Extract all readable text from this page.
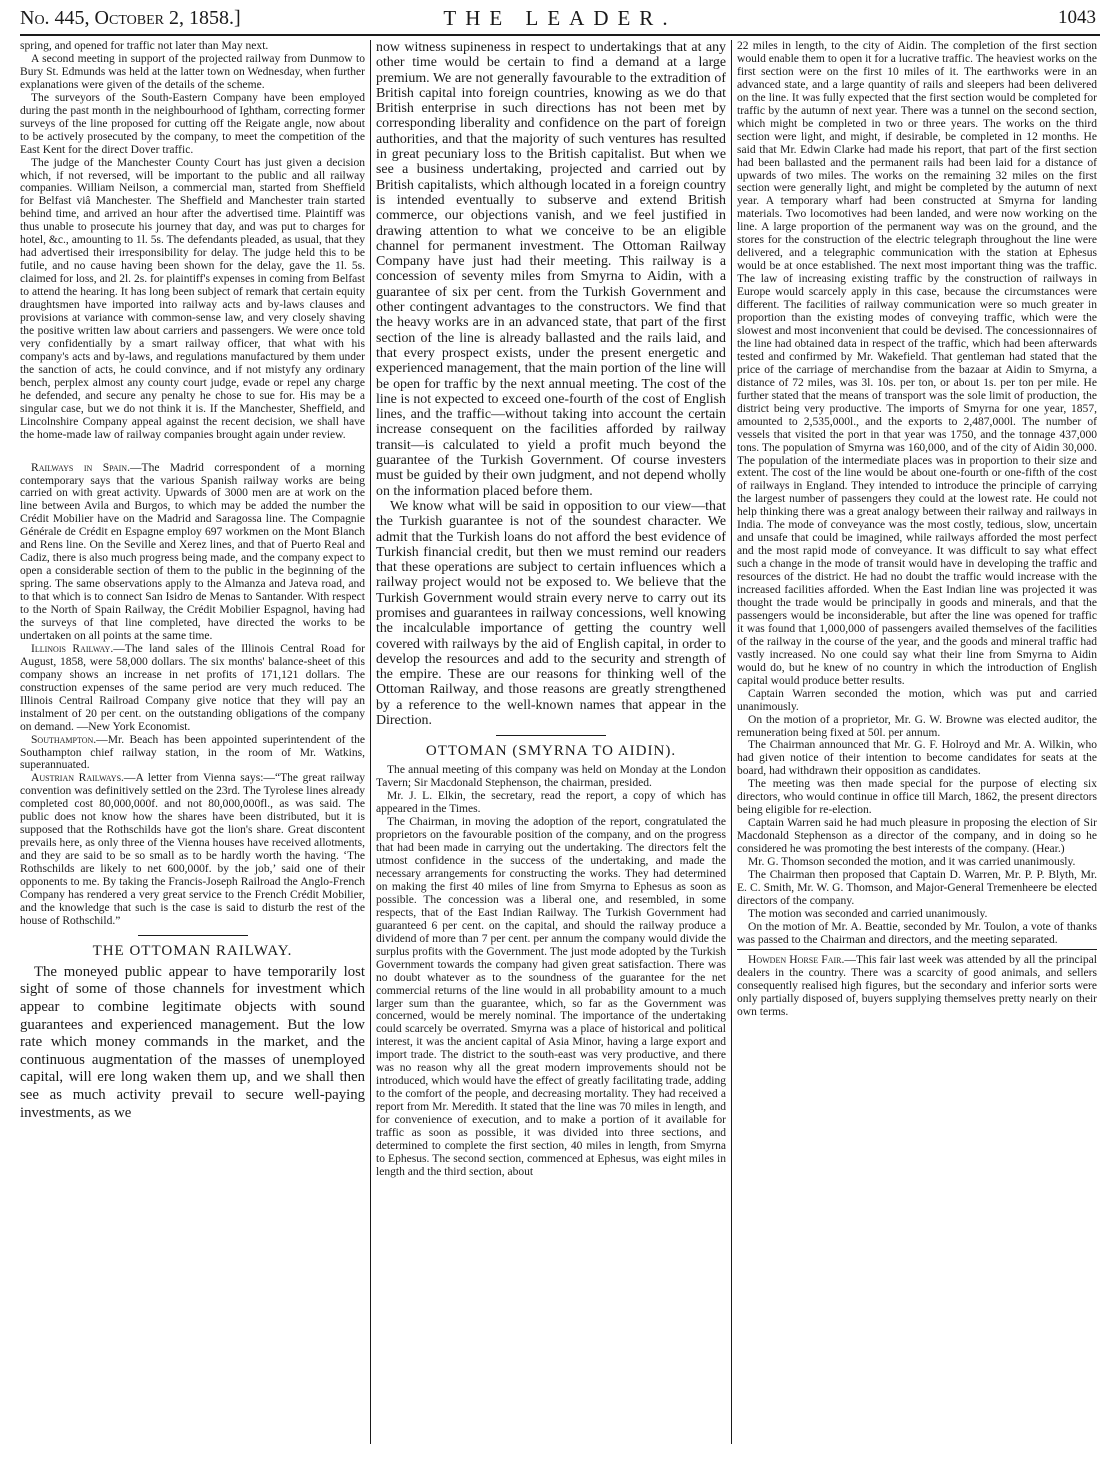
No. 445, October 2, 1858.]	THE LEADER.	1043

spring, and opened for traffic not later than May next.

A second meeting in support of the projected railway from Dunmow to Bury St. Edmunds was held at the latter town on Wednesday, when further explanations were given of the details of the scheme.

The surveyors of the South-Eastern Company have been employed during the past month in the neighbourhood of Ightham, correcting former surveys of the line proposed for cutting off the Reigate angle, now about to be actively prosecuted by the company, to meet the competition of the East Kent for the direct Dover traffic.

The judge of the Manchester County Court has just given a decision which, if not reversed, will be important to the public and all railway companies. William Neilson, a commercial man, started from Sheffield for Belfast viâ Manchester. The Sheffield and Manchester train started behind time, and arrived an hour after the advertised time. Plaintiff was thus unable to prosecute his journey that day, and was put to charges for hotel, &c., amounting to 1l. 5s. The defendants pleaded, as usual, that they had advertised their irresponsibility for delay. The judge held this to be futile, and no cause having been shown for the delay, gave the 1l. 5s. claimed for loss, and 2l. 2s. for plaintiff's expenses in coming from Belfast to attend the hearing. It has long been subject of remark that certain equity draughtsmen have imported into railway acts and by-laws clauses and provisions at variance with common-sense law, and very closely shaving the positive written law about carriers and passengers. We were once told very confidentially by a smart railway officer, that what with his company's acts and by-laws, and regulations manufactured by them under the sanction of acts, he could convince, and if not mistyfy any ordinary bench, perplex almost any county court judge, evade or repel any charge he defended, and secure any penalty he chose to sue for. His may be a singular case, but we do not think it is. If the Manchester, Sheffield, and Lincolnshire Company appeal against the recent decision, we shall have the home-made law of railway companies brought again under review.

Railways in Spain.—The Madrid correspondent of a morning contemporary says that the various Spanish railway works are being carried on with great activity. Upwards of 3000 men are at work on the line between Avila and Burgos, to which may be added the number the Crédit Mobilier have on the Madrid and Saragossa line. The Compagnie Générale de Crédit en Espagne employ 697 workmen on the Mont Blanch and Rens line. On the Seville and Xerez lines, and that of Puerto Real and Cadiz, there is also much progress being made, and the company expect to open a considerable section of them to the public in the beginning of the spring. The same observations apply to the Almanza and Jateva road, and to that which is to connect San Isidro de Menas to Santander. With respect to the North of Spain Railway, the Crédit Mobilier Espagnol, having had the surveys of that line completed, have directed the works to be undertaken on all points at the same time.

Illinois Railway.—The land sales of the Illinois Central Road for August, 1858, were 58,000 dollars. The six months' balance-sheet of this company shows an increase in net profits of 171,121 dollars. The construction expenses of the same period are very much reduced. The Illinois Central Railroad Company give notice that they will pay an instalment of 20 per cent. on the outstanding obligations of the company on demand. —New York Economist.

Southampton.—Mr. Beach has been appointed superintendent of the Southampton chief railway station, in the room of Mr. Watkins, superannuated.

Austrian Railways.—A letter from Vienna says:—“The great railway convention was definitively settled on the 23rd. The Tyrolese lines already completed cost 80,000,000f. and not 80,000,000fl., as was said. The public does not know how the shares have been distributed, but it is supposed that the Rothschilds have got the lion's share. Great discontent prevails here, as only three of the Vienna houses have received allotments, and they are said to be so small as to be hardly worth the having. ‘The Rothschilds are likely to net 600,000f. by the job,’ said one of their opponents to me. By taking the Francis-Joseph Railroad the Anglo-French Company has rendered a very great service to the French Crédit Mobilier, and the knowledge that such is the case is said to disturb the rest of the house of Rothschild.”

THE OTTOMAN RAILWAY.

The moneyed public appear to have temporarily lost sight of some of those channels for investment which appear to combine legitimate objects with sound guarantees and experienced management. But the low rate which money commands in the market, and the continuous augmentation of the masses of unemployed capital, will ere long waken them up, and we shall then see as much activity prevail to secure well-paying investments, as we

now witness supineness in respect to undertakings that at any other time would be certain to find a demand at a large premium. We are not generally favourable to the extradition of British capital into foreign countries, knowing as we do that British enterprise in such directions has not been met by corresponding liberality and confidence on the part of foreign authorities, and that the majority of such ventures has resulted in great pecuniary loss to the British capitalist. But when we see a business undertaking, projected and carried out by British capitalists, which although located in a foreign country is intended eventually to subserve and extend British commerce, our objections vanish, and we feel justified in drawing attention to what we conceive to be an eligible channel for permanent investment. The Ottoman Railway Company have just had their meeting. This railway is a concession of seventy miles from Smyrna to Aidin, with a guarantee of six per cent. from the Turkish Government and other contingent advantages to the constructors. We find that the heavy works are in an advanced state, that part of the first section of the line is already ballasted and the rails laid, and that every prospect exists, under the present energetic and experienced management, that the main portion of the line will be open for traffic by the next annual meeting. The cost of the line is not expected to exceed one-fourth of the cost of English lines, and the traffic—without taking into account the certain increase consequent on the facilities afforded by railway transit—is calculated to yield a profit much beyond the guarantee of the Turkish Government. Of course investers must be guided by their own judgment, and not depend wholly on the information placed before them.

We know what will be said in opposition to our view—that the Turkish guarantee is not of the soundest character. We admit that the Turkish loans do not afford the best evidence of Turkish financial credit, but then we must remind our readers that these operations are subject to certain influences which a railway project would not be exposed to. We believe that the Turkish Government would strain every nerve to carry out its promises and guarantees in railway concessions, well knowing the incalculable importance of getting the country well covered with railways by the aid of English capital, in order to develop the resources and add to the security and strength of the empire. These are our reasons for thinking well of the Ottoman Railway, and those reasons are greatly strengthened by a reference to the well-known names that appear in the Direction.

OTTOMAN (SMYRNA TO AIDIN).

The annual meeting of this company was held on Monday at the London Tavern; Sir Macdonald Stephenson, the chairman, presided.

Mr. J. L. Elkin, the secretary, read the report, a copy of which has appeared in the Times.

The Chairman, in moving the adoption of the report, congratulated the proprietors on the favourable position of the company, and on the progress that had been made in carrying out the undertaking. The directors felt the utmost confidence in the success of the undertaking, and made the necessary arrangements for constructing the works. They had determined on making the first 40 miles of line from Smyrna to Ephesus as soon as possible. The concession was a liberal one, and resembled, in some respects, that of the East Indian Railway. The Turkish Government had guaranteed 6 per cent. on the capital, and should the railway produce a dividend of more than 7 per cent. per annum the company would divide the surplus profits with the Government. The just mode adopted by the Turkish Government towards the company had given great satisfaction. There was no doubt whatever as to the soundness of the guarantee for the net commercial returns of the line would in all probability amount to a much larger sum than the guarantee, which, so far as the Government was concerned, would be merely nominal. The importance of the undertaking could scarcely be overrated. Smyrna was a place of historical and political interest, it was the ancient capital of Asia Minor, having a large export and import trade. The district to the south-east was very productive, and there was no reason why all the great modern improvements should not be introduced, which would have the effect of greatly facilitating trade, adding to the comfort of the people, and decreasing mortality. They had received a report from Mr. Meredith. It stated that the line was 70 miles in length, and for convenience of execution, and to make a portion of it available for traffic as soon as possible, it was divided into three sections, and determined to complete the first section, 40 miles in length, from Smyrna to Ephesus. The second section, commenced at Ephesus, was eight miles in length and the third section, about

22 miles in length, to the city of Aidin. The completion of the first section would enable them to open it for a lucrative traffic. The heaviest works on the first section were on the first 10 miles of it. The earthworks were in an advanced state, and a large quantity of rails and sleepers had been delivered on the line. It was fully expected that the first section would be completed for traffic by the autumn of next year. There was a tunnel on the second section, which might be completed in two or three years. The works on the third section were light, and might, if desirable, be completed in 12 months. He said that Mr. Edwin Clarke had made his report, that part of the first section had been ballasted and the permanent rails had been laid for a distance of upwards of two miles. The works on the remaining 32 miles on the first section were generally light, and might be completed by the autumn of next year. A temporary wharf had been constructed at Smyrna for landing materials. Two locomotives had been landed, and were now working on the line. A large proportion of the permanent way was on the ground, and the stores for the construction of the electric telegraph throughout the line were delivered, and a telegraphic communication with the station at Ephesus would be at once established. The next most important thing was the traffic. The law of increasing existing traffic by the construction of railways in Europe would scarcely apply in this case, because the circumstances were different. The facilities of railway communication were so much greater in proportion than the existing modes of conveying traffic, which were the slowest and most inconvenient that could be devised. The concessionnaires of the line had obtained data in respect of the traffic, which had been afterwards tested and confirmed by Mr. Wakefield. That gentleman had stated that the price of the carriage of merchandise from the bazaar at Aidin to Smyrna, a distance of 72 miles, was 3l. 10s. per ton, or about 1s. per ton per mile. He further stated that the means of transport was the sole limit of production, the district being very productive. The imports of Smyrna for one year, 1857, amounted to 2,535,000l., and the exports to 2,487,000l. The number of vessels that visited the port in that year was 1750, and the tonnage 437,000 tons. The population of Smyrna was 160,000, and of the city of Aidin 30,000. The population of the intermediate places was in proportion to their size and extent. The cost of the line would be about one-fourth or one-fifth of the cost of railways in England. They intended to introduce the principle of carrying the largest number of passengers they could at the lowest rate. He could not help thinking there was a great analogy between their railway and railways in India. The mode of conveyance was the most costly, tedious, slow, uncertain and unsafe that could be imagined, while railways afforded the most perfect and the most rapid mode of conveyance. It was difficult to say what effect such a change in the mode of transit would have in developing the traffic and resources of the district. He had no doubt the traffic would increase with the increased facilities afforded. When the East Indian line was projected it was thought the trade would be principally in goods and minerals, and that the passengers would be inconsiderable, but after the line was opened for traffic it was found that 1,000,000 of passengers availed themselves of the facilities of the railway in the course of the year, and the goods and mineral traffic had vastly increased. No one could say what their line from Smyrna to Aidin would do, but he knew of no country in which the introduction of English capital would produce better results.

Captain Warren seconded the motion, which was put and carried unanimously.

On the motion of a proprietor, Mr. G. W. Browne was elected auditor, the remuneration being fixed at 50l. per annum.

The Chairman announced that Mr. G. F. Holroyd and Mr. A. Wilkin, who had given notice of their intention to become candidates for seats at the board, had withdrawn their opposition as candidates.

The meeting was then made special for the purpose of electing six directors, who would continue in office till March, 1862, the present directors being eligible for re-election.

Captain Warren said he had much pleasure in proposing the election of Sir Macdonald Stephenson as a director of the company, and in doing so he considered he was promoting the best interests of the company. (Hear.)

Mr. G. Thomson seconded the motion, and it was carried unanimously.

The Chairman then proposed that Captain D. Warren, Mr. P. P. Blyth, Mr. E. C. Smith, Mr. W. G. Thomson, and Major-General Tremenheere be elected directors of the company.

The motion was seconded and carried unanimously.

On the motion of Mr. A. Beattie, seconded by Mr. Toulon, a vote of thanks was passed to the Chairman and directors, and the meeting separated.

Howden Horse Fair.—This fair last week was attended by all the principal dealers in the country. There was a scarcity of good animals, and sellers consequently realised high figures, but the secondary and inferior sorts were only partially disposed of, buyers supplying themselves pretty nearly on their own terms.
